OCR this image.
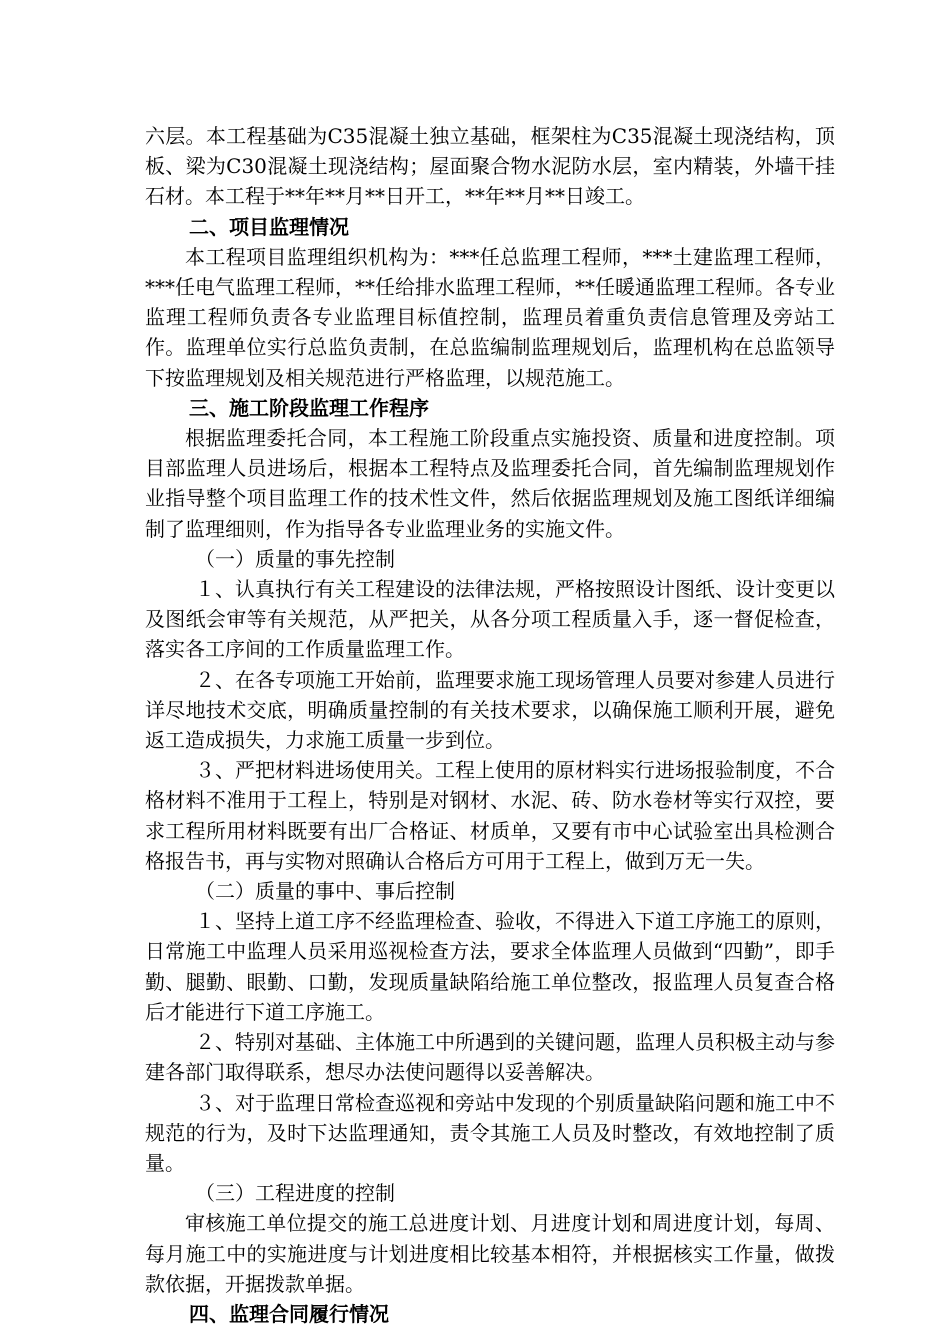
六层。本工程基础为C35混凝土独立基础，框架柱为C35混凝土现浇结构，顶板、梁为C30混凝土现浇结构；屋面聚合物水泥防水层，室内精装，外墙干挂石材。本工程于**年**月**日开工，**年**月**日竣工。

二、项目监理情况

本工程项目监理组织机构为：***任总监理工程师，***土建监理工程师，***任电气监理工程师，**任给排水监理工程师，**任暖通监理工程师。各专业监理工程师负责各专业监理目标值控制，监理员着重负责信息管理及旁站工作。监理单位实行总监负责制，在总监编制监理规划后，监理机构在总监领导下按监理规划及相关规范进行严格监理，以规范施工。

三、施工阶段监理工作程序

根据监理委托合同，本工程施工阶段重点实施投资、质量和进度控制。项目部监理人员进场后，根据本工程特点及监理委托合同，首先编制监理规划作业指导整个项目监理工作的技术性文件，然后依据监理规划及施工图纸详细编制了监理细则，作为指导各专业监理业务的实施文件。

（一）质量的事先控制

１、认真执行有关工程建设的法律法规，严格按照设计图纸、设计变更以及图纸会审等有关规范，从严把关，从各分项工程质量入手，逐一督促检查，落实各工序间的工作质量监理工作。

２、在各专项施工开始前，监理要求施工现场管理人员要对参建人员进行详尽地技术交底，明确质量控制的有关技术要求，以确保施工顺利开展，避免返工造成损失，力求施工质量一步到位。

３、严把材料进场使用关。工程上使用的原材料实行进场报验制度，不合格材料不准用于工程上，特别是对钢材、水泥、砖、防水卷材等实行双控，要求工程所用材料既要有出厂合格证、材质单，又要有市中心试验室出具检测合格报告书，再与实物对照确认合格后方可用于工程上，做到万无一失。

（二）质量的事中、事后控制

１、坚持上道工序不经监理检查、验收，不得进入下道工序施工的原则，日常施工中监理人员采用巡视检查方法，要求全体监理人员做到“四勤”，即手勤、腿勤、眼勤、口勤，发现质量缺陷给施工单位整改，报监理人员复查合格后才能进行下道工序施工。

２、特别对基础、主体施工中所遇到的关键问题，监理人员积极主动与参建各部门取得联系，想尽办法使问题得以妥善解决。

３、对于监理日常检查巡视和旁站中发现的个别质量缺陷问题和施工中不规范的行为，及时下达监理通知，责令其施工人员及时整改，有效地控制了质量。

（三）工程进度的控制

审核施工单位提交的施工总进度计划、月进度计划和周进度计划，每周、每月施工中的实施进度与计划进度相比较基本相符，并根据核实工作量，做拨款依据，开据拨款单据。

四、监理合同履行情况
